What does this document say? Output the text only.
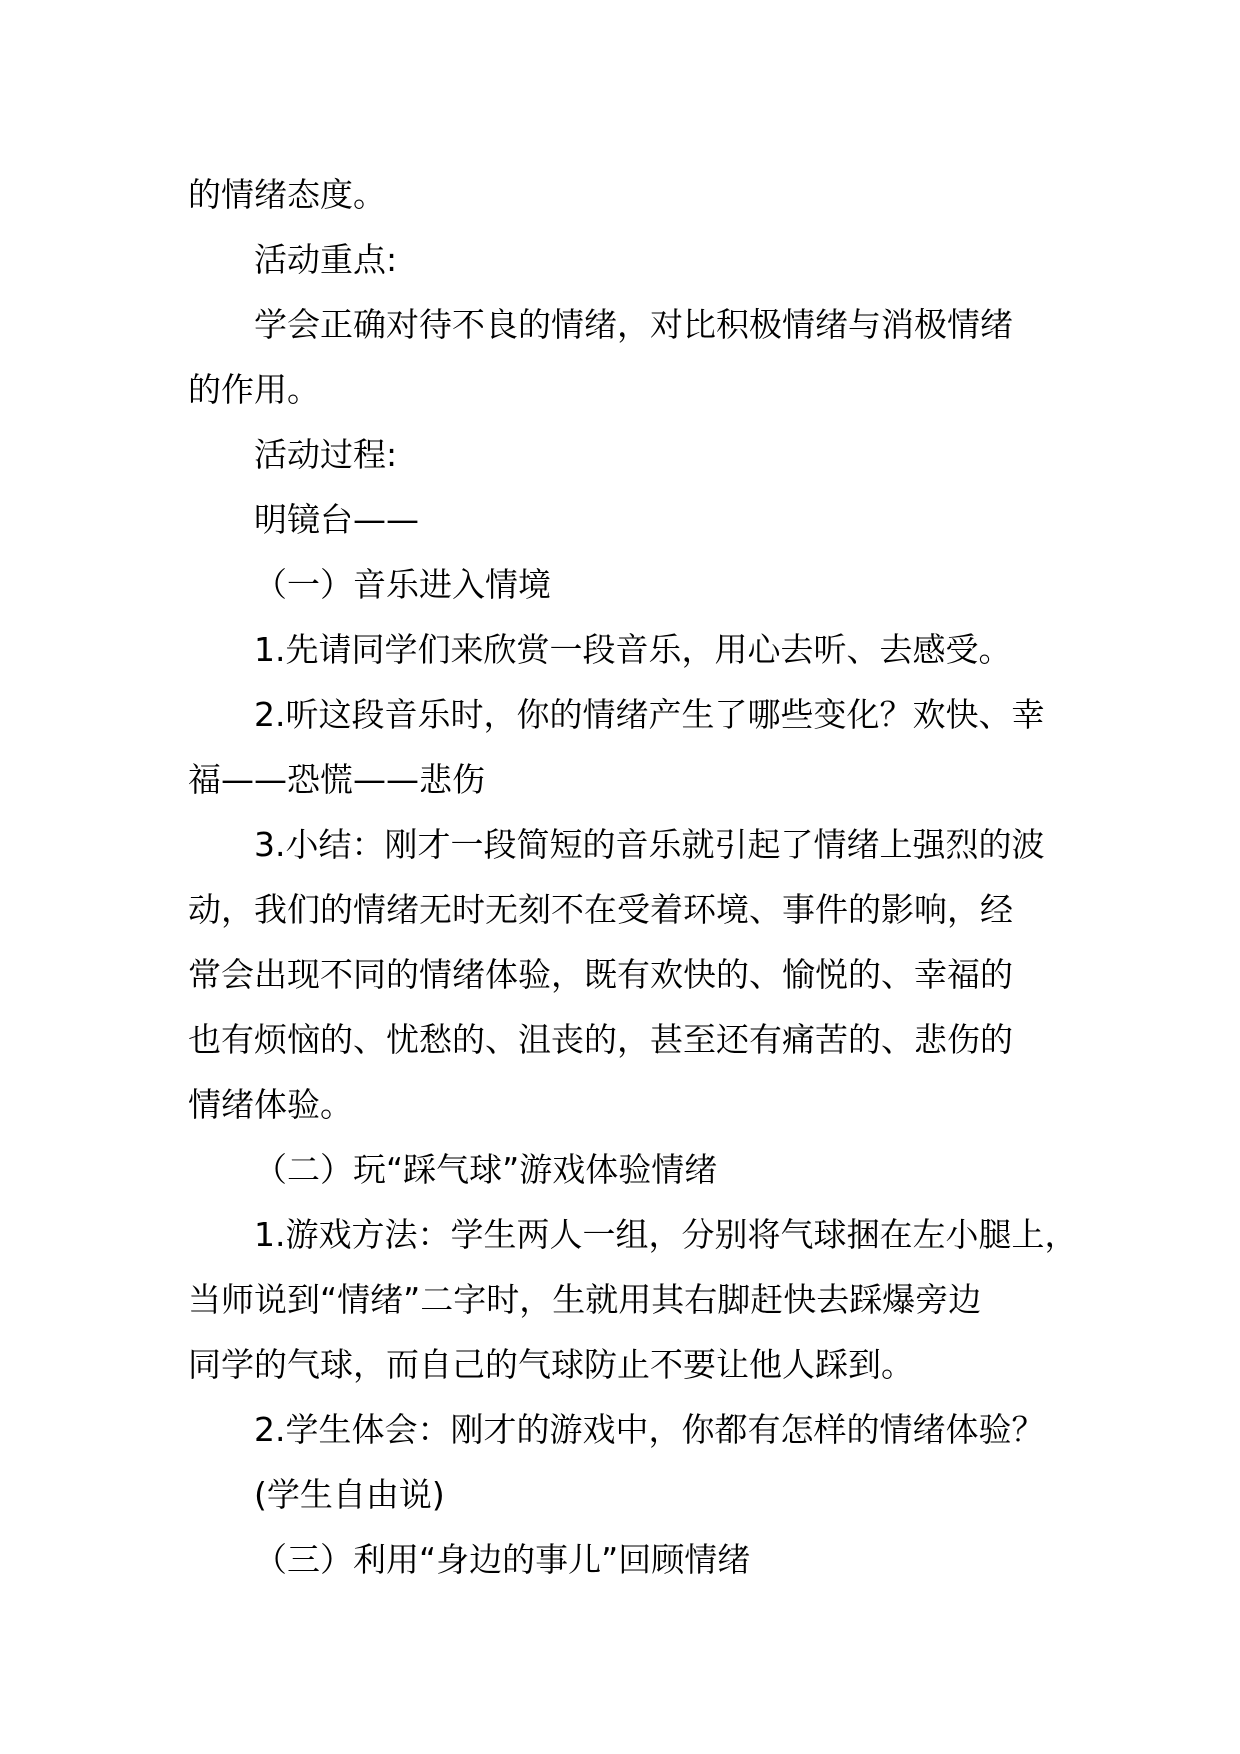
的情绪态度。
活动重点:
学会正确对待不良的情绪，对比积极情绪与消极情绪
的作用。
活动过程:
明镜台——
（一）音乐进入情境
1.先请同学们来欣赏一段音乐，用心去听、去感受。
2.听这段音乐时，你的情绪产生了哪些变化？欢快、幸
福——恐慌——悲伤
3.小结：刚才一段简短的音乐就引起了情绪上强烈的波
动，我们的情绪无时无刻不在受着环境、事件的影响，经
常会出现不同的情绪体验，既有欢快的、愉悦的、幸福的
也有烦恼的、忧愁的、沮丧的，甚至还有痛苦的、悲伤的
情绪体验。
（二）玩“踩气球”游戏体验情绪
1.游戏方法：学生两人一组，分别将气球捆在左小腿上，
当师说到“情绪”二字时，生就用其右脚赶快去踩爆旁边
同学的气球，而自己的气球防止不要让他人踩到。
2.学生体会：刚才的游戏中，你都有怎样的情绪体验？
(学生自由说)
（三）利用“身边的事儿”回顾情绪
